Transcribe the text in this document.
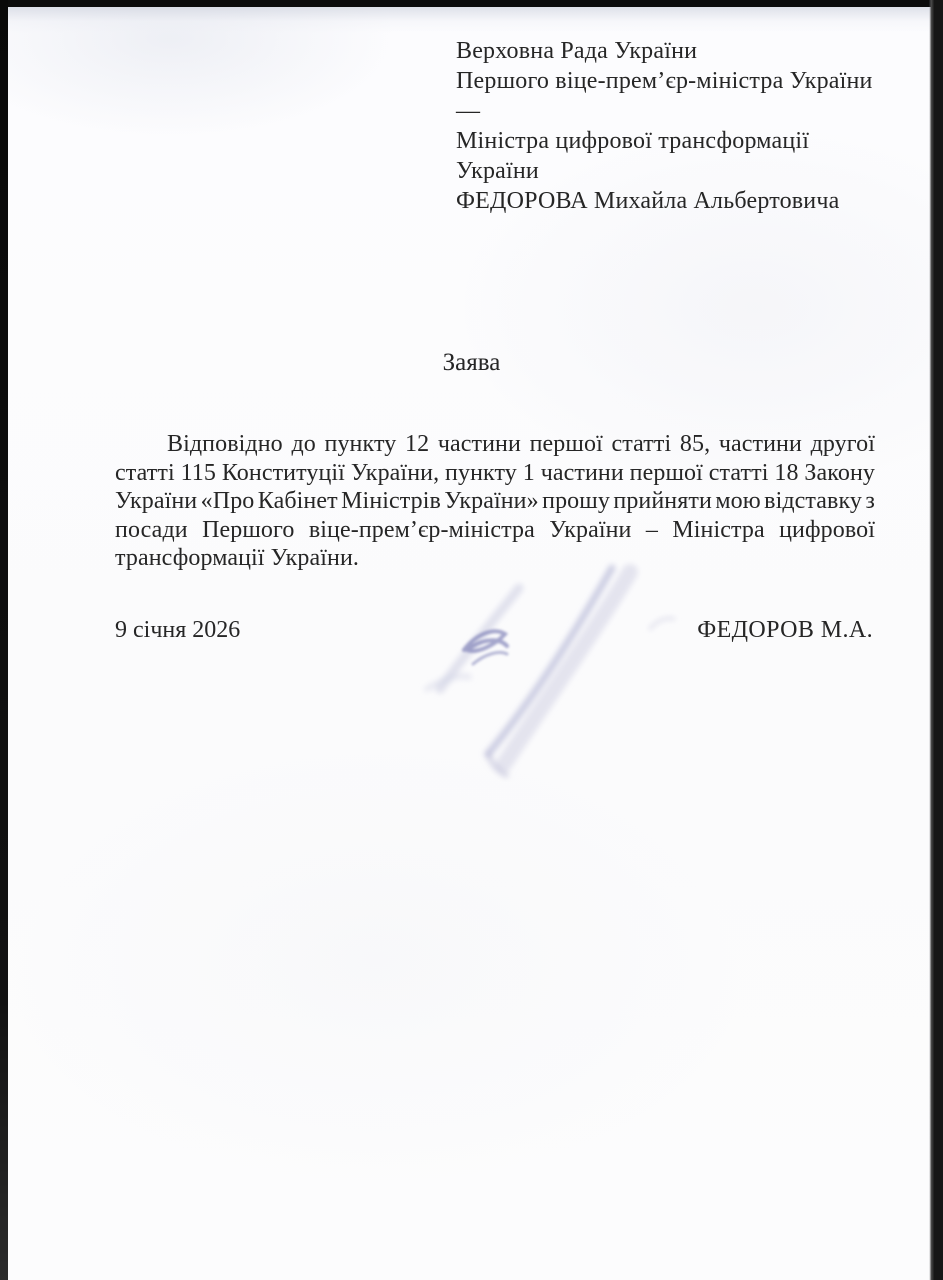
Верховна Рада України
Першого віце-прем’єр-міністра України —
Міністра цифрової трансформації України
ФЕДОРОВА Михайла Альбертовича
Заява
Відповідно до пункту 12 частини першої статті 85, частини другої
статті 115 Конституції України, пункту 1 частини першої статті 18 Закону
України «Про Кабінет Міністрів України» прошу прийняти мою відставку з
посади Першого віце-прем’єр-міністра України – Міністра цифрової
трансформації України.
9 січня 2026	ФЕДОРОВ М.А.
